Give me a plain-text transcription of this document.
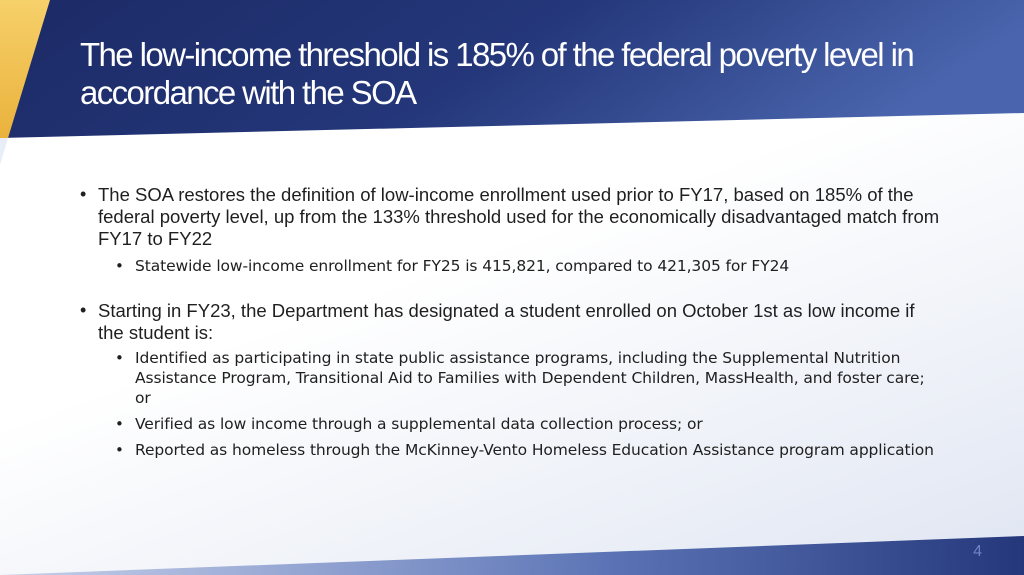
The low-income threshold is 185% of the federal poverty level in accordance with the SOA
• The SOA restores the definition of low-income enrollment used prior to FY17, based on 185% of the federal poverty level, up from the 133% threshold used for the economically disadvantaged match from FY17 to FY22
• Statewide low-income enrollment for FY25 is 415,821, compared to 421,305 for FY24
• Starting in FY23, the Department has designated a student enrolled on October 1st as low income if the student is:
• Identified as participating in state public assistance programs, including the Supplemental Nutrition Assistance Program, Transitional Aid to Families with Dependent Children, MassHealth, and foster care; or
• Verified as low income through a supplemental data collection process; or
• Reported as homeless through the McKinney-Vento Homeless Education Assistance program application
4
